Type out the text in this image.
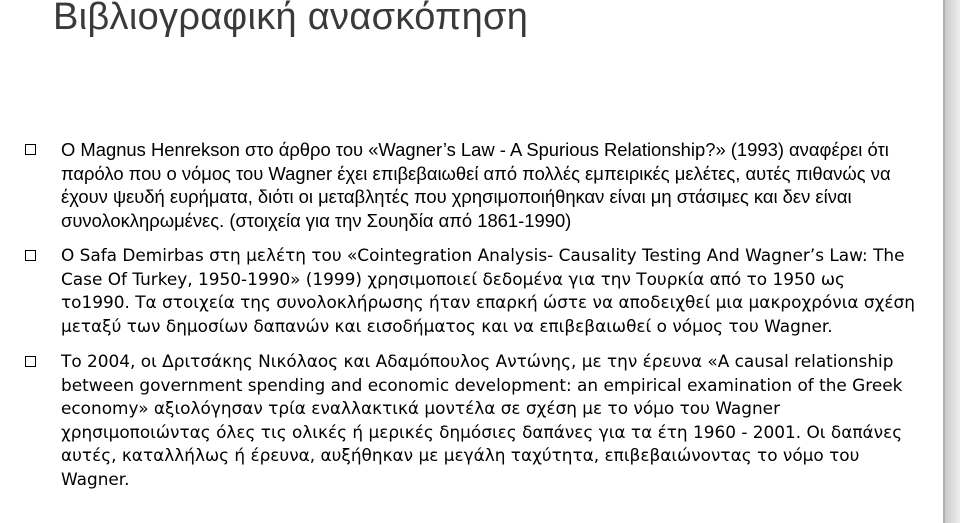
Βιβλιογραφική ανασκόπηση
O Magnus Henrekson στο άρθρο του «Wagner’s Law - A Spurious Relationship?» (1993) αναφέρει ότι παρόλο που ο νόμος του Wagner έχει επιβεβαιωθεί από πολλές εμπειρικές μελέτες, αυτές πιθανώς να έχουν ψευδή ευρήματα, διότι οι μεταβλητές που χρησιμοποιήθηκαν είναι μη στάσιμες και δεν είναι συνολοκληρωμένες. (στοιχεία για την Σουηδία από 1861-1990)
O Safa Demirbas στη μελέτη του «Cointegration Analysis- Causality Testing And Wagner’s Law: The Case Of Turkey, 1950-1990» (1999) χρησιμοποιεί δεδομένα για την Τουρκία από το 1950 ως το1990. Τα στοιχεία της συνολοκλήρωσης ήταν επαρκή ώστε να αποδειχθεί μια μακροχρόνια σχέση μεταξύ των δημοσίων δαπανών και εισοδήματος και να επιβεβαιωθεί ο νόμος του Wagner.
Το 2004, οι Δριτσάκης Νικόλαος και Αδαμόπουλος Αντώνης, με την έρευνα «A causal relationship between government spending and economic development: an empirical examination of the Greek economy» αξιολόγησαν τρία εναλλακτικά μοντέλα σε σχέση με το νόμο του Wagner χρησιμοποιώντας όλες τις ολικές ή μερικές δημόσιες δαπάνες για τα έτη 1960 - 2001. Οι δαπάνες αυτές, καταλλήλως ή έρευνα, αυξήθηκαν με μεγάλη ταχύτητα, επιβεβαιώνοντας το νόμο του Wagner.
